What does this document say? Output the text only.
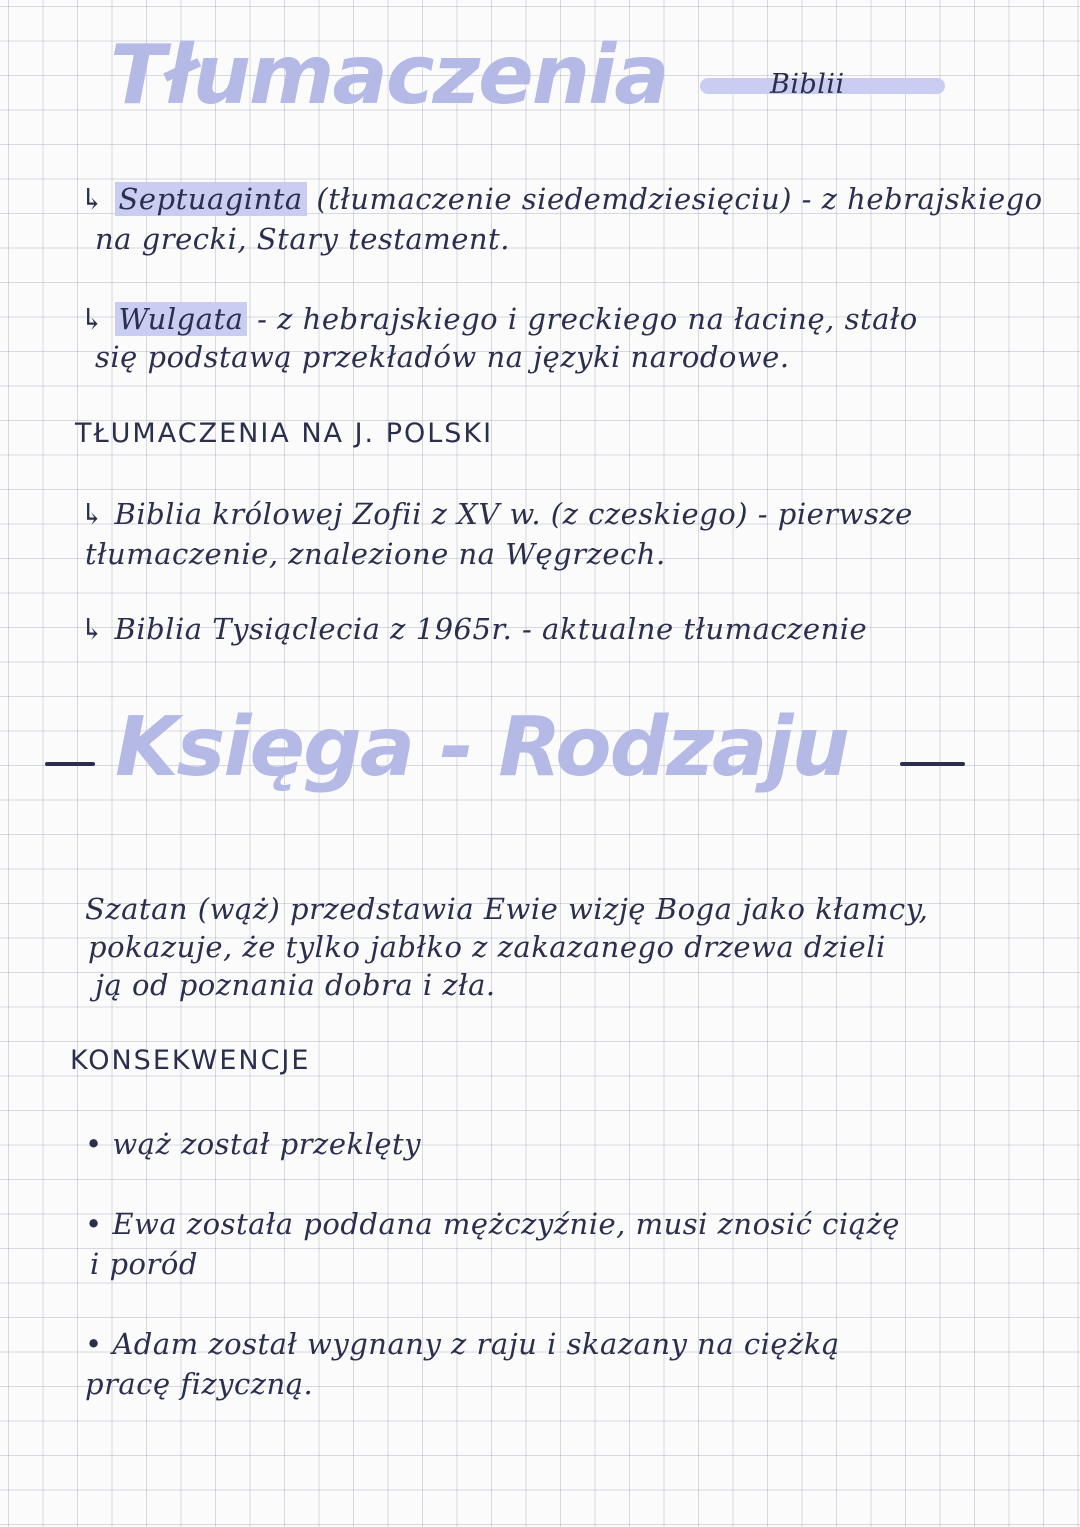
Tłumaczenia	Biblii
↳ Septuaginta (tłumaczenie siedemdziesięciu) - z hebrajskiego
na grecki, Stary testament.
↳ Wulgata - z hebrajskiego i greckiego na łacinę, stało
się podstawą przekładów na języki narodowe.
TŁUMACZENIA NA J. POLSKI
↳ Biblia królowej Zofii z XV w. (z czeskiego) - pierwsze
tłumaczenie, znalezione na Węgrzech.
↳ Biblia Tysiąclecia z 1965r. - aktualne tłumaczenie
Księga - Rodzaju
Szatan (wąż) przedstawia Ewie wizję Boga jako kłamcy,
pokazuje, że tylko jabłko z zakazanego drzewa dzieli
ją od poznania dobra i zła.
KONSEKWENCJE
• wąż został przeklęty
• Ewa została poddana mężczyźnie, musi znosić ciążę
i poród
• Adam został wygnany z raju i skazany na ciężką
pracę fizyczną.
